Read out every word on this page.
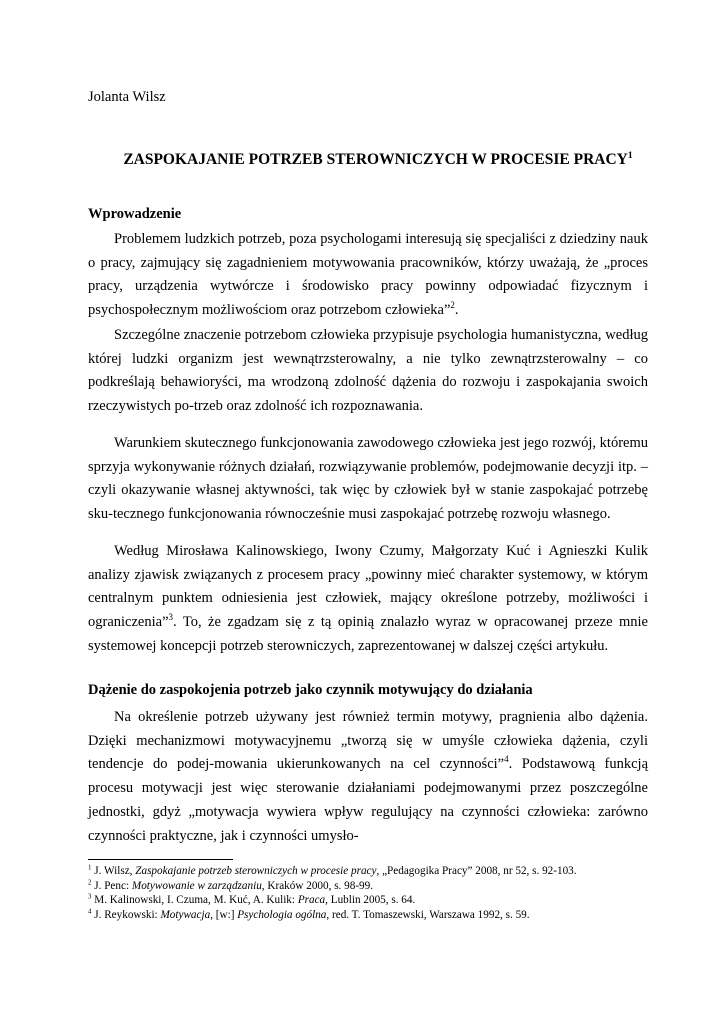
Jolanta Wilsz
ZASPOKAJANIE POTRZEB STEROWNICZYCH W PROCESIE PRACY$^1$
Wprowadzenie

Problemem ludzkich potrzeb, poza psychologami interesują się specjaliści z dziedziny nauk o pracy, zajmujący się zagadnieniem motywowania pracowników, którzy uważają, że „proces pracy, urządzenia wytwórcze i środowisko pracy powinny odpowiadać fizycznym i psychospołecznym możliwościom oraz potrzebom człowieka”$^2$.

Szczególne znaczenie potrzebom człowieka przypisuje psychologia humanistyczna, według której ludzki organizm jest wewnątrzsterowalny, a nie tylko zewnątrzsterowalny – co podkreślają behawioryści, ma wrodzoną zdolność dążenia do rozwoju i zaspokajania swoich rzeczywistych po-trzeb oraz zdolność ich rozpoznawania.

Warunkiem skutecznego funkcjonowania zawodowego człowieka jest jego rozwój, któremu sprzyja wykonywanie różnych działań, rozwiązywanie problemów, podejmowanie decyzji itp. – czyli okazywanie własnej aktywności, tak więc by człowiek był w stanie zaspokajać potrzebę sku-tecznego funkcjonowania równocześnie musi zaspokajać potrzebę rozwoju własnego.

Według Mirosława Kalinowskiego, Iwony Czumy, Małgorzaty Kuć i Agnieszki Kulik analizy zjawisk związanych z procesem pracy „powinny mieć charakter systemowy, w którym centralnym punktem odniesienia jest człowiek, mający określone potrzeby, możliwości i ograniczenia”$^3$. To, że zgadzam się z tą opinią znalazło wyraz w opracowanej przeze mnie systemowej koncepcji potrzeb sterowniczych, zaprezentowanej w dalszej części artykułu.

Dążenie do zaspokojenia potrzeb jako czynnik motywujący do działania

Na określenie potrzeb używany jest również termin motywy, pragnienia albo dążenia. Dzięki mechanizmowi motywacyjnemu „tworzą się w umyśle człowieka dążenia, czyli tendencje do podej-mowania ukierunkowanych na cel czynności”$^4$. Podstawową funkcją procesu motywacji jest więc sterowanie działaniami podejmowanymi przez poszczególne jednostki, gdyż „motywacja wywiera wpływ regulujący na czynności człowieka: zarówno czynności praktyczne, jak i czynności umysło-

$^1$ J. Wilsz, Zaspokajanie potrzeb sterowniczych w procesie pracy, „Pedagogika Pracy” 2008, nr 52, s. 92-103.

$^2$ J. Penc: Motywowanie w zarządzaniu, Kraków 2000, s. 98-99.

$^3$ M. Kalinowski, I. Czuma, M. Kuć, A. Kulik: Praca, Lublin 2005, s. 64.

$^4$ J. Reykowski: Motywacja, [w:] Psychologia ogólna, red. T. Tomaszewski, Warszawa 1992, s. 59.
